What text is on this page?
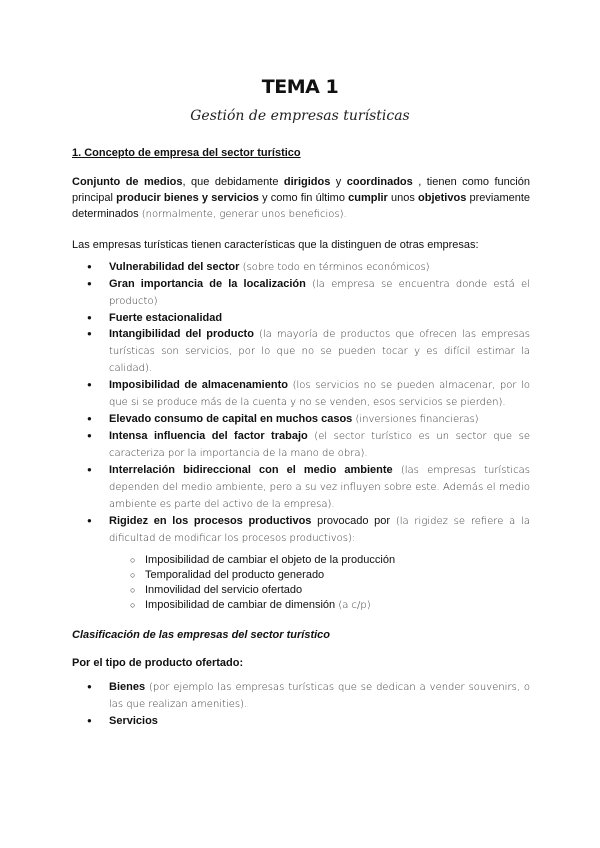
TEMA 1
Gestión de empresas turísticas
1. Concepto de empresa del sector turístico

Conjunto de medios, que debidamente dirigidos y coordinados , tienen como función principal producir bienes y servicios y como fin último cumplir unos objetivos previamente determinados (normalmente, generar unos beneficios).

Las empresas turísticas tienen características que la distinguen de otras empresas:

● Vulnerabilidad del sector (sobre todo en términos económicos)
● Gran importancia de la localización (la empresa se encuentra donde está el producto)
● Fuerte estacionalidad
● Intangibilidad del producto (la mayoría de productos que ofrecen las empresas turísticas son servicios, por lo que no se pueden tocar y es difícil estimar la calidad).
● Imposibilidad de almacenamiento (los servicios no se pueden almacenar, por lo que si se produce más de la cuenta y no se venden, esos servicios se pierden).
● Elevado consumo de capital en muchos casos (inversiones financieras)
● Intensa influencia del factor trabajo (el sector turístico es un sector que se caracteriza por la importancia de la mano de obra).
● Interrelación bidireccional con el medio ambiente (las empresas turísticas dependen del medio ambiente, pero a su vez influyen sobre este. Además el medio ambiente es parte del activo de la empresa).
● Rigidez en los procesos productivos provocado por (la rigidez se refiere a la dificultad de modificar los procesos productivos):
○ Imposibilidad de cambiar el objeto de la producción
○ Temporalidad del producto generado
○ Inmovilidad del servicio ofertado
○ Imposibilidad de cambiar de dimensión (a c/p)
Clasificación de las empresas del sector turístico
Por el tipo de producto ofertado:
● Bienes (por ejemplo las empresas turísticas que se dedican a vender souvenirs, o las que realizan amenities).
● Servicios
